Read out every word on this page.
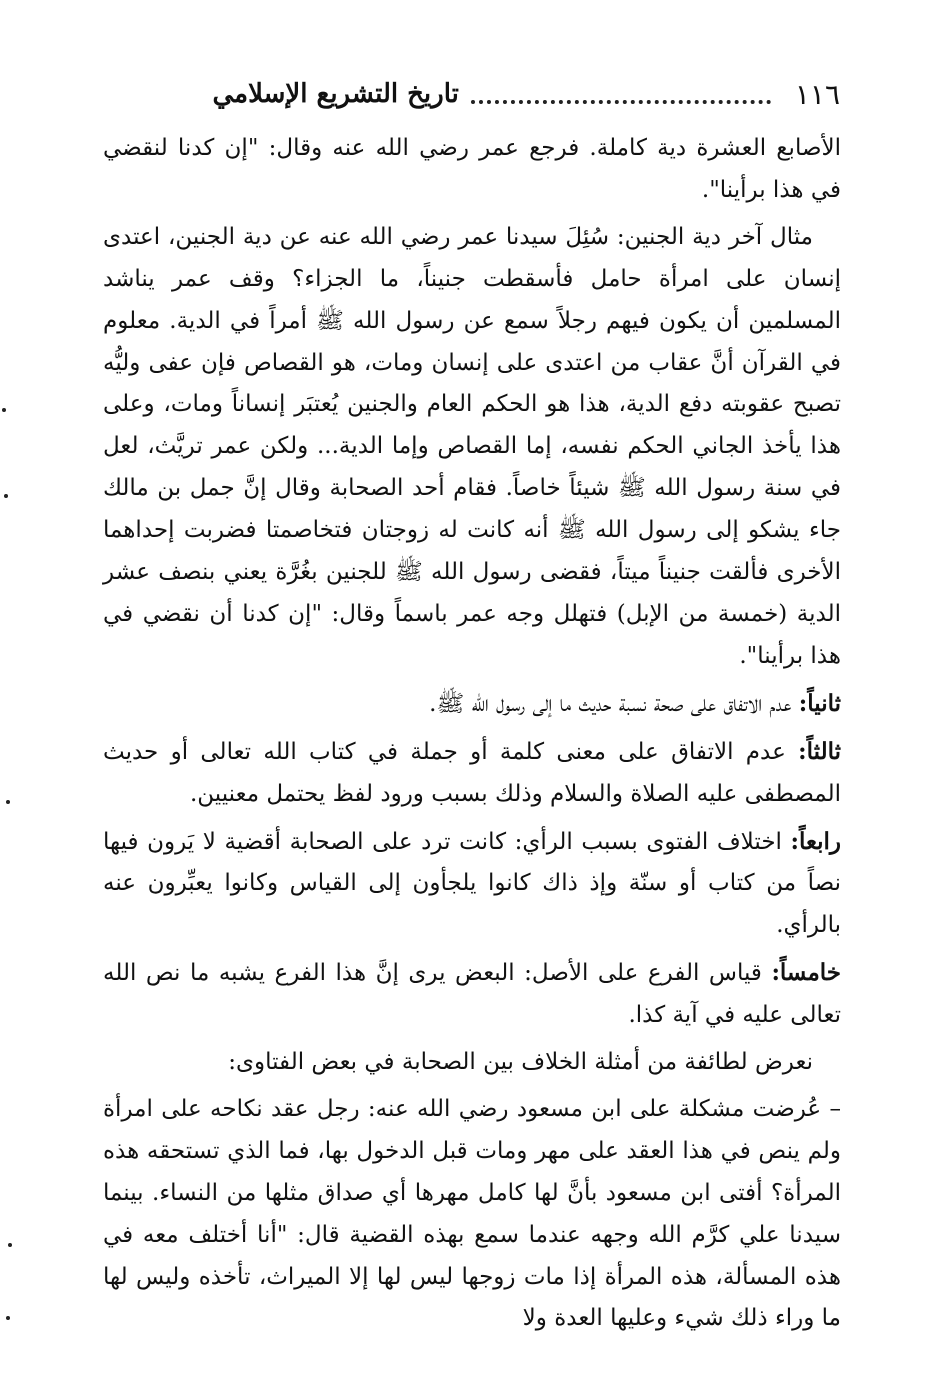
١١٦
تاريخ التشريع الإسلامي

الأصابع العشرة دية كاملة. فرجع عمر رضي الله عنه وقال: "إن كدنا لنقضي في هذا برأينا".

مثال آخر دية الجنين: سُئِلَ سيدنا عمر رضي الله عنه عن دية الجنين، اعتدى إنسان على امرأة حامل فأسقطت جنيناً، ما الجزاء؟ وقف عمر يناشد المسلمين أن يكون فيهم رجلاً سمع عن رسول الله ﷺ أمراً في الدية. معلوم في القرآن أنَّ عقاب من اعتدى على إنسان ومات، هو القصاص فإن عفى وليُّه تصبح عقوبته دفع الدية، هذا هو الحكم العام والجنين يُعتبَر إنساناً ومات، وعلى هذا يأخذ الجاني الحكم نفسه، إما القصاص وإما الدية... ولكن عمر تريَّث، لعل في سنة رسول الله ﷺ شيئاً خاصاً. فقام أحد الصحابة وقال إنَّ جمل بن مالك جاء يشكو إلى رسول الله ﷺ أنه كانت له زوجتان فتخاصمتا فضربت إحداهما الأخرى فألقت جنيناً ميتاً، فقضى رسول الله ﷺ للجنين بغُرَّة يعني بنصف عشر الدية (خمسة من الإبل) فتهلل وجه عمر باسماً وقال: "إن كدنا أن نقضي في هذا برأينا".

ثانياً: عدم الاتفاق على صحة نسبة حديث ما إلى رسول الله ﷺ.

ثالثاً: عدم الاتفاق على معنى كلمة أو جملة في كتاب الله تعالى أو حديث المصطفى عليه الصلاة والسلام وذلك بسبب ورود لفظ يحتمل معنيين.

رابعاً: اختلاف الفتوى بسبب الرأي: كانت ترد على الصحابة أقضية لا يَرون فيها نصاً من كتاب أو سنّة وإذ ذاك كانوا يلجأون إلى القياس وكانوا يعبِّرون عنه بالرأي.

خامساً: قياس الفرع على الأصل: البعض يرى إنَّ هذا الفرع يشبه ما نص الله تعالى عليه في آية كذا.

نعرض لطائفة من أمثلة الخلاف بين الصحابة في بعض الفتاوى:

– عُرضت مشكلة على ابن مسعود رضي الله عنه: رجل عقد نكاحه على امرأة ولم ينص في هذا العقد على مهر ومات قبل الدخول بها، فما الذي تستحقه هذه المرأة؟ أفتى ابن مسعود بأنَّ لها كامل مهرها أي صداق مثلها من النساء. بينما سيدنا علي كرَّم الله وجهه عندما سمع بهذه القضية قال: "أنا أختلف معه في هذه المسألة، هذه المرأة إذا مات زوجها ليس لها إلا الميراث، تأخذه وليس لها ما وراء ذلك شيء وعليها العدة ولا
